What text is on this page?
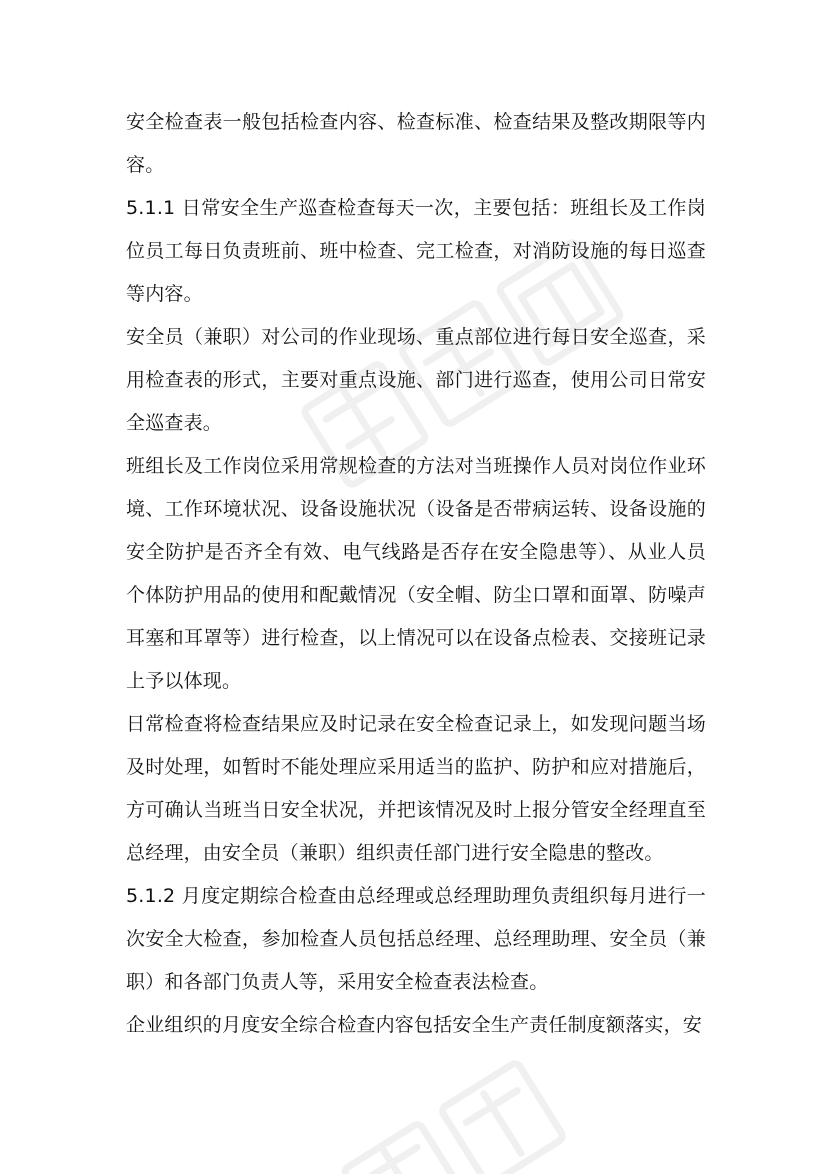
安全检查表一般包括检查内容、检查标准、检查结果及整改期限等内容。

5.1.1 日常安全生产巡查检查每天一次，主要包括：班组长及工作岗位员工每日负责班前、班中检查、完工检查，对消防设施的每日巡查等内容。

安全员（兼职）对公司的作业现场、重点部位进行每日安全巡查，采用检查表的形式，主要对重点设施、部门进行巡查，使用公司日常安全巡查表。

班组长及工作岗位采用常规检查的方法对当班操作人员对岗位作业环境、工作环境状况、设备设施状况（设备是否带病运转、设备设施的安全防护是否齐全有效、电气线路是否存在安全隐患等）、从业人员个体防护用品的使用和配戴情况（安全帽、防尘口罩和面罩、防噪声耳塞和耳罩等）进行检查，以上情况可以在设备点检表、交接班记录上予以体现。

日常检查将检查结果应及时记录在安全检查记录上，如发现问题当场及时处理，如暂时不能处理应采用适当的监护、防护和应对措施后，方可确认当班当日安全状况，并把该情况及时上报分管安全经理直至总经理，由安全员（兼职）组织责任部门进行安全隐患的整改。

5.1.2 月度定期综合检查由总经理或总经理助理负责组织每月进行一次安全大检查，参加检查人员包括总经理、总经理助理、安全员（兼职）和各部门负责人等，采用安全检查表法检查。

企业组织的月度安全综合检查内容包括安全生产责任制度额落实，安
